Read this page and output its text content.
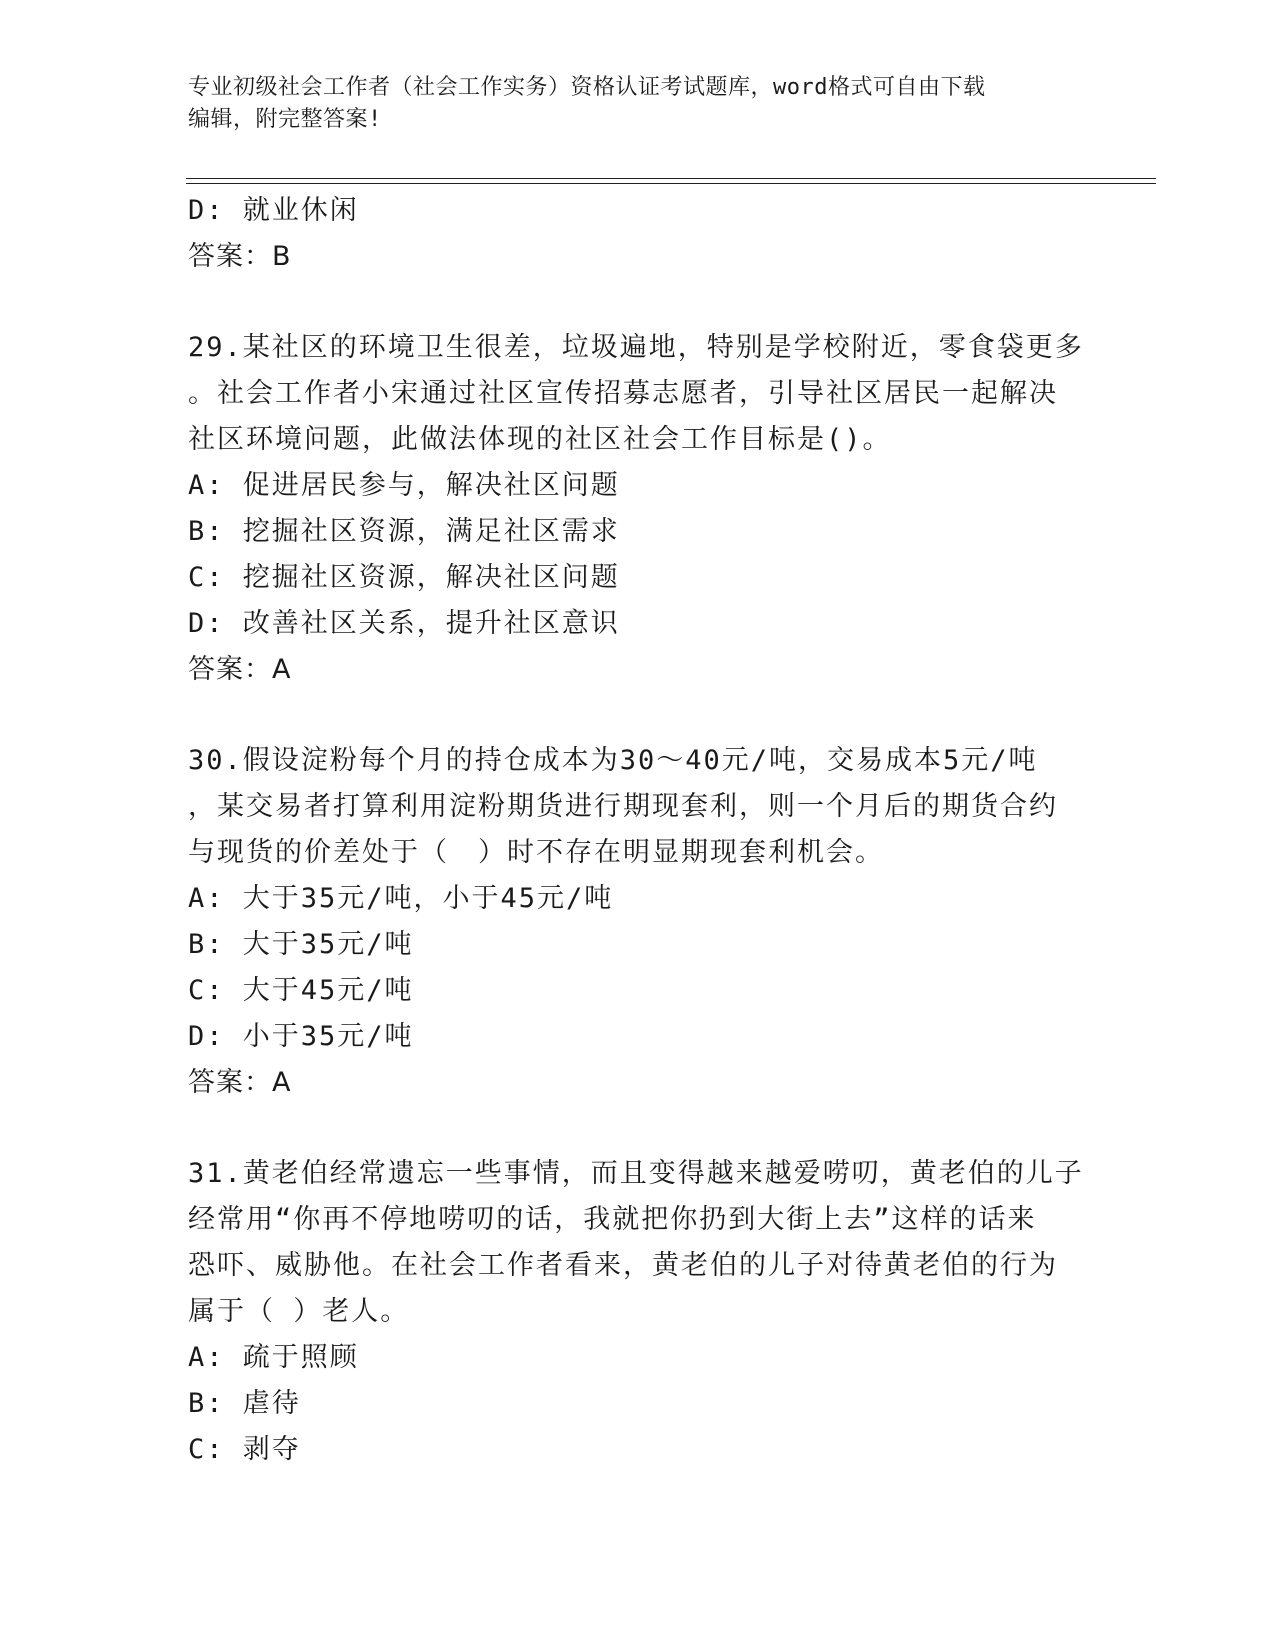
专业初级社会工作者（社会工作实务）资格认证考试题库，word格式可自由下载
编辑，附完整答案!
D: 就业休闲
答案：B
29.某社区的环境卫生很差，垃圾遍地，特别是学校附近，零食袋更多
。社会工作者小宋通过社区宣传招募志愿者，引导社区居民一起解决
社区环境问题，此做法体现的社区社会工作目标是()。
A: 促进居民参与，解决社区问题
B: 挖掘社区资源，满足社区需求
C: 挖掘社区资源，解决社区问题
D: 改善社区关系，提升社区意识
答案：A
30.假设淀粉每个月的持仓成本为30～40元/吨，交易成本5元/吨
，某交易者打算利用淀粉期货进行期现套利，则一个月后的期货合约
与现货的价差处于（　）时不存在明显期现套利机会。
A: 大于35元/吨，小于45元/吨
B: 大于35元/吨
C: 大于45元/吨
D: 小于35元/吨
答案：A
31.黄老伯经常遗忘一些事情，而且变得越来越爱唠叨，黄老伯的儿子
经常用“你再不停地唠叨的话，我就把你扔到大街上去”这样的话来
恐吓、威胁他。在社会工作者看来，黄老伯的儿子对待黄老伯的行为
属于（ ）老人。
A: 疏于照顾
B: 虐待
C: 剥夺
